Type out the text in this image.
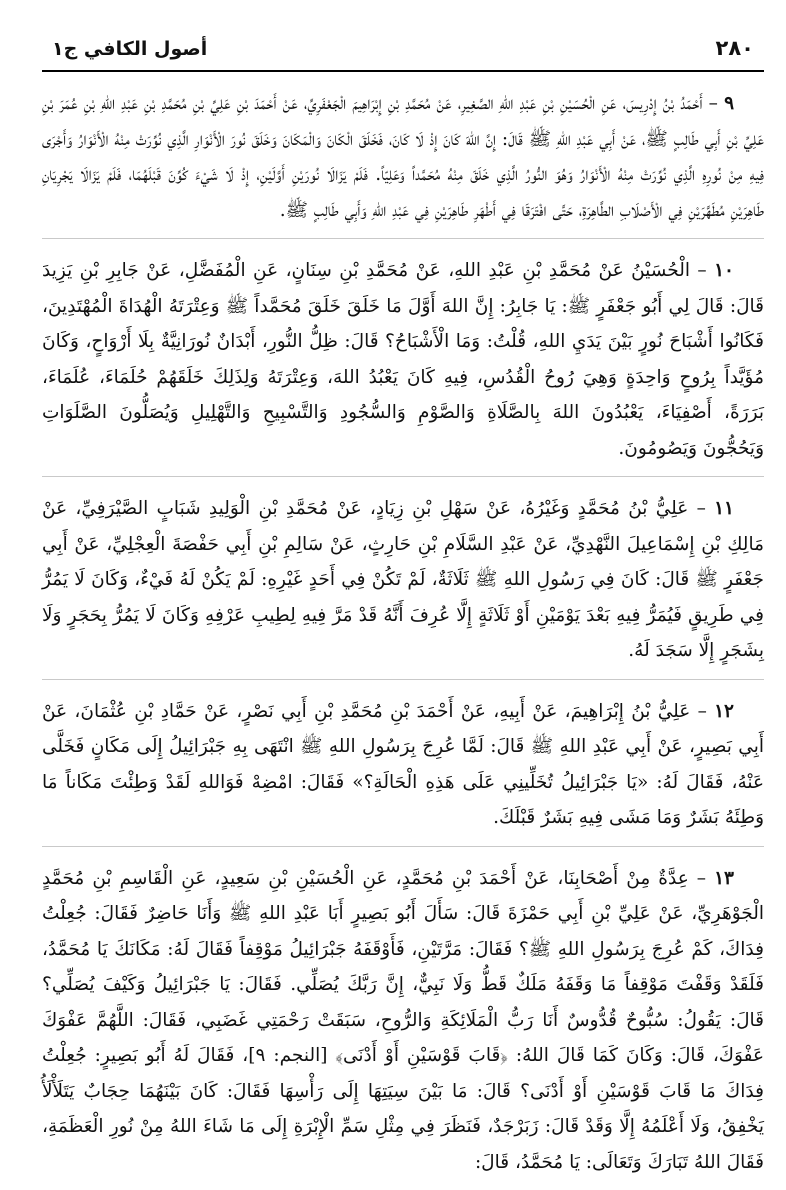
٢٨٠
أصول الكافي ج١

٩ – أَحْمَدُ بْنُ إِدْرِيسَ، عَنِ الْحُسَيْنِ بْنِ عَبْدِ اللهِ الصَّغِيرِ، عَنْ مُحَمَّدِ بْنِ إِبْرَاهِيمَ الْجَعْفَرِيِّ، عَنْ أَحْمَدَ بْنِ عَلِيِّ بْنِ مُحَمَّدِ بْنِ عَبْدِ اللهِ بْنِ عُمَرَ بْنِ عَلِيِّ بْنِ أَبِي طَالِبٍ ﷺ، عَنْ أَبِي عَبْدِ اللهِ ﷺ قَالَ: إِنَّ اللهَ كَانَ إِذْ لَا كَانَ، فَخَلَقَ الْكَانَ وَالْمَكَانَ وَخَلَقَ نُورَ الْأَنْوَارِ الَّذِي نُوِّرَتْ مِنْهُ الْأَنْوَارُ وَأَجْرَى فِيهِ مِنْ نُورِهِ الَّذِي نُوِّرَتْ مِنْهُ الْأَنْوَارُ وَهُوَ النُّورُ الَّذِي خَلَقَ مِنْهُ مُحَمَّداً وَعَلِيّاً. فَلَمْ يَزَالَا نُورَيْنِ أَوَّلَيْنِ، إِذْ لَا شَيْءَ كُوِّنَ قَبْلَهُمَا، فَلَمْ يَزَالَا يَجْرِيَانِ طَاهِرَيْنِ مُطَهَّرَيْنِ فِي الْأَصْلَابِ الطَّاهِرَةِ، حَتَّى افْتَرَقَا فِي أَطْهَرِ طَاهِرَيْنِ فِي عَبْدِ اللهِ وَأَبِي طَالِبٍ ﷺ.

١٠ – الْحُسَيْنُ عَنْ مُحَمَّدِ بْنِ عَبْدِ اللهِ، عَنْ مُحَمَّدِ بْنِ سِنَانٍ، عَنِ الْمُفَضَّلِ، عَنْ جَابِرِ بْنِ يَزِيدَ قَالَ: قَالَ لِي أَبُو جَعْفَرٍ ﷺ: يَا جَابِرُ: إِنَّ اللهَ أَوَّلَ مَا خَلَقَ خَلَقَ مُحَمَّداً ﷺ وَعِتْرَتَهُ الْهُدَاةَ الْمُهْتَدِينَ، فَكَانُوا أَشْبَاحَ نُورٍ بَيْنَ يَدَيِ اللهِ، قُلْتُ: وَمَا الْأَشْبَاحُ؟ قَالَ: ظِلُّ النُّورِ، أَبْدَانٌ نُورَانِيَّةٌ بِلَا أَرْوَاحٍ، وَكَانَ مُؤَيَّداً بِرُوحٍ وَاحِدَةٍ وَهِيَ رُوحُ الْقُدُسِ، فِيهِ كَانَ يَعْبُدُ اللهَ، وَعِتْرَتَهُ وَلِذَلِكَ خَلَقَهُمْ حُلَمَاءَ، عُلَمَاءَ، بَرَرَةً، أَصْفِيَاءَ، يَعْبُدُونَ اللهَ بِالصَّلَاةِ وَالصَّوْمِ وَالسُّجُودِ وَالتَّسْبِيحِ وَالتَّهْلِيلِ وَيُصَلُّونَ الصَّلَوَاتِ وَيَحُجُّونَ وَيَصُومُونَ.

١١ – عَلِيُّ بْنُ مُحَمَّدٍ وَغَيْرُهُ، عَنْ سَهْلِ بْنِ زِيَادٍ، عَنْ مُحَمَّدِ بْنِ الْوَلِيدِ شَبَابٍ الصَّيْرَفِيِّ، عَنْ مَالِكِ بْنِ إِسْمَاعِيلَ النَّهْدِيِّ، عَنْ عَبْدِ السَّلَامِ بْنِ حَارِثٍ، عَنْ سَالِمِ بْنِ أَبِي حَفْصَةَ الْعِجْلِيِّ، عَنْ أَبِي جَعْفَرٍ ﷺ قَالَ: كَانَ فِي رَسُولِ اللهِ ﷺ ثَلَاثَةٌ، لَمْ تَكُنْ فِي أَحَدٍ غَيْرِهِ: لَمْ يَكُنْ لَهُ فَيْءٌ، وَكَانَ لَا يَمُرُّ فِي طَرِيقٍ فَيُمَرُّ فِيهِ بَعْدَ يَوْمَيْنِ أَوْ ثَلَاثَةٍ إِلَّا عُرِفَ أَنَّهُ قَدْ مَرَّ فِيهِ لِطِيبِ عَرْفِهِ وَكَانَ لَا يَمُرُّ بِحَجَرٍ وَلَا بِشَجَرٍ إِلَّا سَجَدَ لَهُ.

١٢ – عَلِيُّ بْنُ إِبْرَاهِيمَ، عَنْ أَبِيهِ، عَنْ أَحْمَدَ بْنِ مُحَمَّدِ بْنِ أَبِي نَصْرٍ، عَنْ حَمَّادِ بْنِ عُثْمَانَ، عَنْ أَبِي بَصِيرٍ، عَنْ أَبِي عَبْدِ اللهِ ﷺ قَالَ: لَمَّا عُرِجَ بِرَسُولِ اللهِ ﷺ انْتَهَى بِهِ جَبْرَائِيلُ إِلَى مَكَانٍ فَخَلَّى عَنْهُ، فَقَالَ لَهُ: «يَا جَبْرَائِيلُ تُخَلِّينِي عَلَى هَذِهِ الْحَالَةِ؟» فَقَالَ: امْضِهْ فَوَاللهِ لَقَدْ وَطِئْتَ مَكَاناً مَا وَطِئَهُ بَشَرٌ وَمَا مَشَى فِيهِ بَشَرٌ قَبْلَكَ.

١٣ – عِدَّةٌ مِنْ أَصْحَابِنَا، عَنْ أَحْمَدَ بْنِ مُحَمَّدٍ، عَنِ الْحُسَيْنِ بْنِ سَعِيدٍ، عَنِ الْقَاسِمِ بْنِ مُحَمَّدٍ الْجَوْهَرِيِّ، عَنْ عَلِيِّ بْنِ أَبِي حَمْزَةَ قَالَ: سَأَلَ أَبُو بَصِيرٍ أَبَا عَبْدِ اللهِ ﷺ وَأَنَا حَاضِرٌ فَقَالَ: جُعِلْتُ فِدَاكَ، كَمْ عُرِجَ بِرَسُولِ اللهِ ﷺ؟ فَقَالَ: مَرَّتَيْنِ، فَأَوْقَفَهُ جَبْرَائِيلُ مَوْقِفاً فَقَالَ لَهُ: مَكَانَكَ يَا مُحَمَّدُ، فَلَقَدْ وَقَفْتَ مَوْقِفاً مَا وَقَفَهُ مَلَكٌ قَطُّ وَلَا نَبِيٌّ، إِنَّ رَبَّكَ يُصَلِّي. فَقَالَ: يَا جَبْرَائِيلُ وَكَيْفَ يُصَلِّي؟ قَالَ: يَقُولُ: سُبُّوحٌ قُدُّوسٌ أَنَا رَبُّ الْمَلَائِكَةِ وَالرُّوحِ، سَبَقَتْ رَحْمَتِي غَضَبِي، فَقَالَ: اللَّهُمَّ عَفْوَكَ عَفْوَكَ، قَالَ: وَكَانَ كَمَا قَالَ اللهُ: ﴿قَابَ قَوْسَيْنِ أَوْ أَدْنَى﴾ [النجم: ٩]، فَقَالَ لَهُ أَبُو بَصِيرٍ: جُعِلْتُ فِدَاكَ مَا قَابَ قَوْسَيْنِ أَوْ أَدْنَى؟ قَالَ: مَا بَيْنَ سِيَتِهَا إِلَى رَأْسِهَا فَقَالَ: كَانَ بَيْنَهُمَا حِجَابٌ يَتَلَأْلَأُ يَخْفِقُ، وَلَا أَعْلَمُهُ إِلَّا وَقَدْ قَالَ: زَبَرْجَدٌ، فَنَظَرَ فِي مِثْلِ سَمِّ الْإِبْرَةِ إِلَى مَا شَاءَ اللهُ مِنْ نُورِ الْعَظَمَةِ، فَقَالَ اللهُ تَبَارَكَ وَتَعَالَى: يَا مُحَمَّدُ، قَالَ:
